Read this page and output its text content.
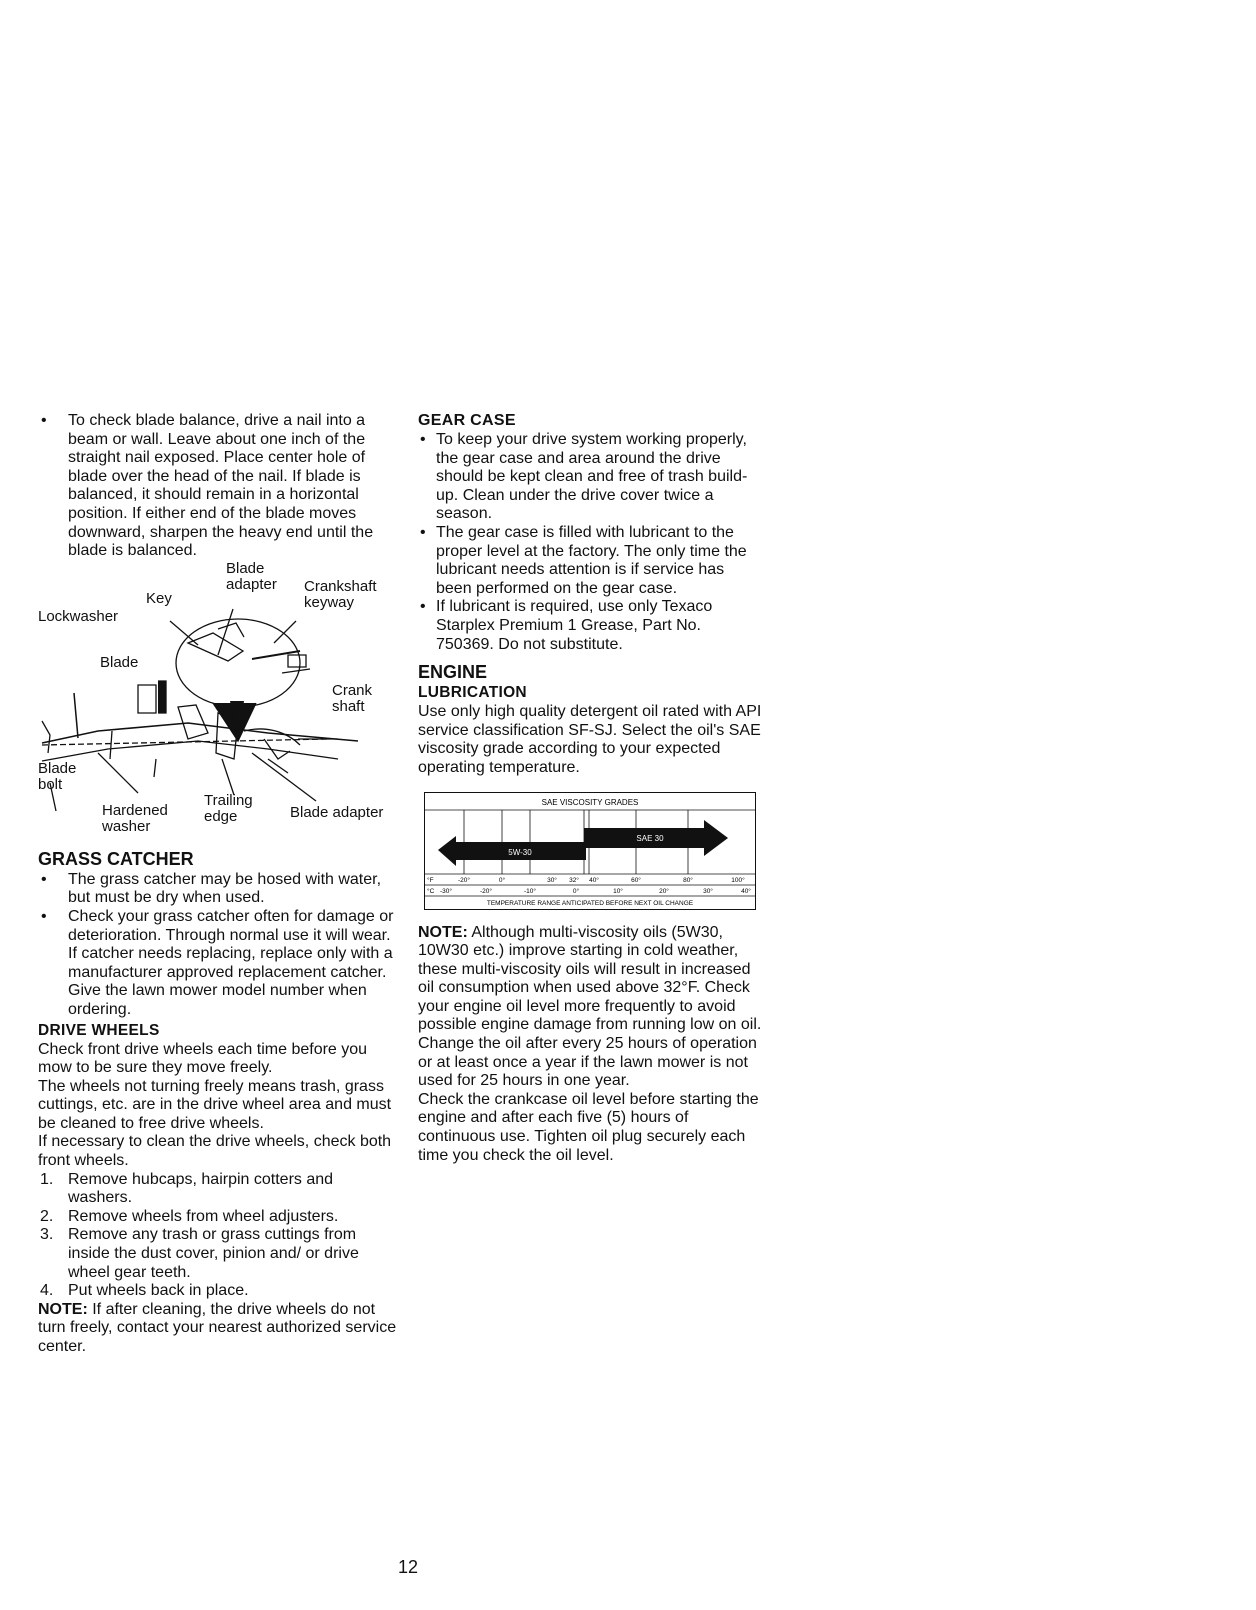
• To check blade balance, drive a nail into a beam or wall. Leave about one inch of the straight nail exposed. Place center hole of blade over the head of the nail. If blade is balanced, it should remain in a horizontal position. If either end of the blade moves downward, sharpen the heavy end until the blade is balanced.
Blade
adapter Crankshaft
keyway
Key
Lockwasher
Blade
Crank
shaft
Blade
bolt
Hardened
washer
Trailing
edge	Blade adapter
GRASS CATCHER
• The grass catcher may be hosed with water, but must be dry when used.
• Check your grass catcher often for damage or deterioration. Through normal use it will wear. If catcher needs replacing, replace only with a manufacturer approved replacement catcher. Give the lawn mower model number when ordering.
DRIVE WHEELS

Check front drive wheels each time before you mow to be sure they move freely.

The wheels not turning freely means trash, grass cuttings, etc. are in the drive wheel area and must be cleaned to free drive wheels.

If necessary to clean the drive wheels, check both front wheels.

1. Remove hubcaps, hairpin cotters and washers.
2. Remove wheels from wheel adjusters.
3. Remove any trash or grass cuttings from inside the dust cover, pinion and/ or drive wheel gear teeth.
4. Put wheels back in place.

NOTE: If after cleaning, the drive wheels do not turn freely, contact your nearest authorized service center.

GEAR CASE
• To keep your drive system working properly, the gear case and area around the drive should be kept clean and free of trash build-up. Clean under the drive cover twice a season.
• The gear case is filled with lubricant to the proper level at the factory. The only time the lubricant needs attention is if service has been performed on the gear case.
• If lubricant is required, use only Texaco Starplex Premium 1 Grease, Part No. 750369. Do not substitute.
ENGINE
LUBRICATION

Use only high quality detergent oil rated with API service classification SF-SJ. Select the oil's SAE viscosity grade according to your expected operating temperature.

SAE VISCOSITY GRADES
5W-30
SAE 30
°F	-20°	0°	30° 32° 40°	60°	80°	100°
°C -30°	-20°	-10°	0°	10°	20°	30°	40°
TEMPERATURE RANGE ANTICIPATED BEFORE NEXT OIL CHANGE

NOTE: Although multi-viscosity oils (5W30, 10W30 etc.) improve starting in cold weather, these multi-viscosity oils will result in increased oil consumption when used above 32°F. Check your engine oil level more frequently to avoid possible engine damage from running low on oil.

Change the oil after every 25 hours of operation or at least once a year if the lawn mower is not used for 25 hours in one year.

Check the crankcase oil level before starting the engine and after each five (5) hours of continuous use. Tighten oil plug securely each time you check the oil level.

12
